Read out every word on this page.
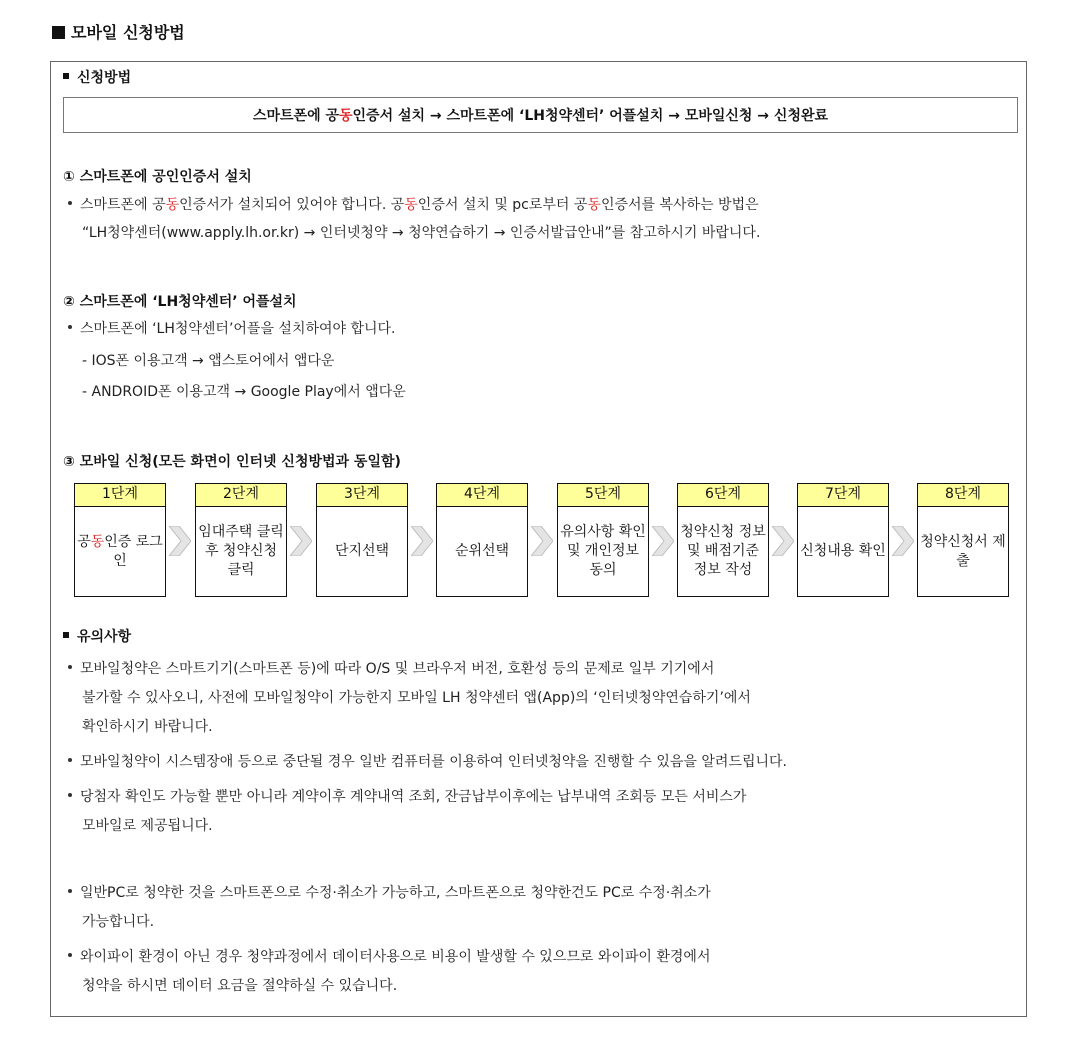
모바일 신청방법
신청방법
스마트폰에 공 동 인증서 설치 → 스마트폰에 ‘LH청약센터’ 어플설치 → 모바일신청 → 신청완료
① 스마트폰에 공인인증서 설치
스마트폰에 공동인증서가 설치되어 있어야 합니다. 공동인증서 설치 및 pc로부터 공동인증서를 복사하는 방법은
“LH청약센터(www.apply.lh.or.kr) → 인터넷청약 → 청약연습하기 → 인증서발급안내”를 참고하시기 바랍니다.
② 스마트폰에 ‘LH청약센터’ 어플설치
스마트폰에 ‘LH청약센터’어플을 설치하여야 합니다.
- IOS폰 이용고객 → 앱스토어에서 앱다운
- ANDROID폰 이용고객 → Google Play에서 앱다운
③ 모바일 신청(모든 화면이 인터넷 신청방법과 동일함)
1단계
공동인증 로그인
2단계
임대주택 클릭 후 청약신청 클릭
3단계
단지선택
4단계
순위선택
5단계
유의사항 확인 및 개인정보 동의
6단계
청약신청 정보 및 배점기준 정보 작성
7단계
신청내용 확인
8단계
청약신청서 제출
유의사항
모바일청약은 스마트기기(스마트폰 등)에 따라 O/S 및 브라우저 버전, 호환성 등의 문제로 일부 기기에서
불가할 수 있사오니, 사전에 모바일청약이 가능한지 모바일 LH 청약센터 앱(App)의 ‘인터넷청약연습하기’에서
확인하시기 바랍니다.
모바일청약이 시스템장애 등으로 중단될 경우 일반 컴퓨터를 이용하여 인터넷청약을 진행할 수 있음을 알려드립니다.
당첨자 확인도 가능할 뿐만 아니라 계약이후 계약내역 조회, 잔금납부이후에는 납부내역 조회등 모든 서비스가
모바일로 제공됩니다.
일반PC로 청약한 것을 스마트폰으로 수정·취소가 가능하고, 스마트폰으로 청약한건도 PC로 수정·취소가
가능합니다.
와이파이 환경이 아닌 경우 청약과정에서 데이터사용으로 비용이 발생할 수 있으므로 와이파이 환경에서
청약을 하시면 데이터 요금을 절약하실 수 있습니다.
